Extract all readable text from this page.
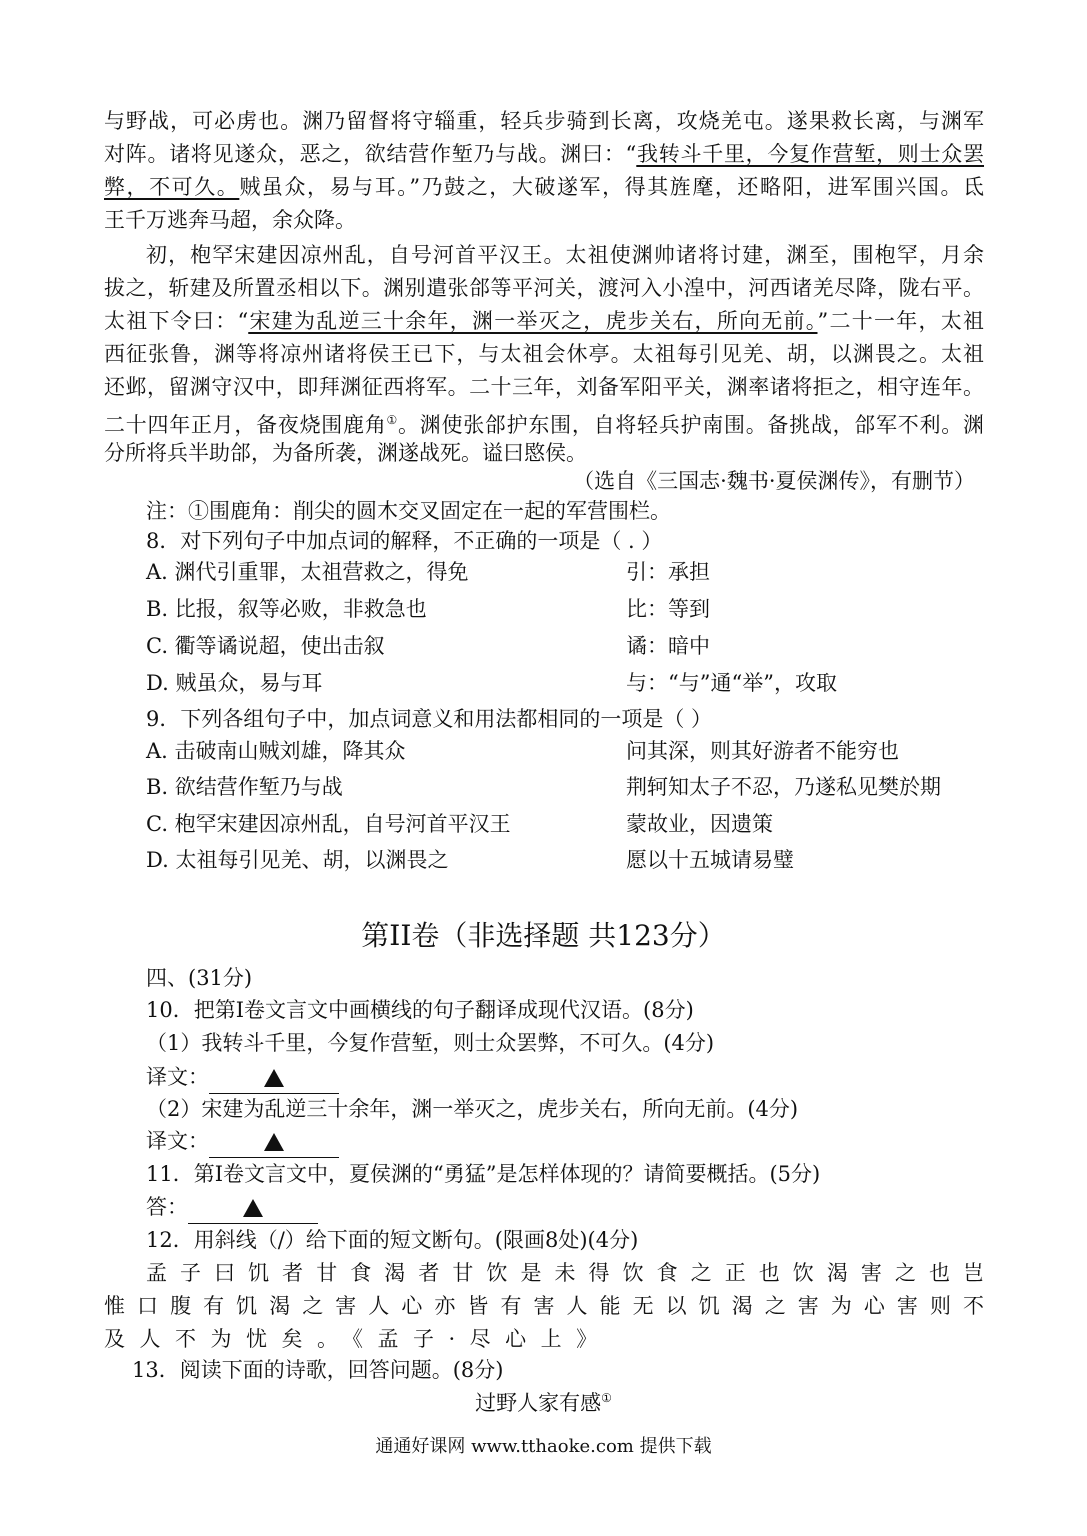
与野战，可必虏也。渊乃留督将守辎重，轻兵步骑到长离，攻烧羌屯。遂果救长离，与渊军
对阵。诸将见遂众，恶之，欲结营作堑乃与战。渊曰：“我转斗千里，今复作营堑，则士众罢
弊，不可久。贼虽众，易与耳。”乃鼓之，大破遂军，得其旌麾，还略阳，进军围兴国。氐
王千万逃奔马超，余众降。
初，枹罕宋建因凉州乱，自号河首平汉王。太祖使渊帅诸将讨建，渊至，围枹罕，月余
拔之，斩建及所置丞相以下。渊别遣张郃等平河关，渡河入小湟中，河西诸羌尽降，陇右平。
太祖下令曰：“宋建为乱逆三十余年，渊一举灭之，虎步关右，所向无前。”二十一年，太祖
西征张鲁，渊等将凉州诸将侯王已下，与太祖会休亭。太祖每引见羌、胡，以渊畏之。太祖
还邺，留渊守汉中，即拜渊征西将军。二十三年，刘备军阳平关，渊率诸将拒之，相守连年。
二十四年正月，备夜烧围鹿角①。渊使张郃护东围，自将轻兵护南围。备挑战，郃军不利。渊
分所将兵半助郃，为备所袭，渊遂战死。谥曰愍侯。
（选自《三国志·魏书·夏侯渊传》，有删节）
注：①围鹿角：削尖的圆木交叉固定在一起的军营围栏。
8．对下列句子中加点词的解释，不正确的一项是（ . ）
A. 渊代引重罪，太祖营救之，得免	引：承担
B. 比报，叙等必败，非救急也	比：等到
C. 衢等谲说超，使出击叙	谲：暗中
D. 贼虽众，易与耳	与：“与”通“举”，攻取
9．下列各组句子中，加点词意义和用法都相同的一项是（ ）
A. 击破南山贼刘雄，降其众	问其深，则其好游者不能穷也
B. 欲结营作堑乃与战	荆轲知太子不忍，乃遂私见樊於期
C. 枹罕宋建因凉州乱，自号河首平汉王	蒙故业，因遗策
D. 太祖每引见羌、胡，以渊畏之	愿以十五城请易璧
第II卷（非选择题 共123分）
四、(31分)
10．把第I卷文言文中画横线的句子翻译成现代汉语。(8分)
（1）我转斗千里，今复作营堑，则士众罢弊，不可久。(4分)
译文：
（2）宋建为乱逆三十余年，渊一举灭之，虎步关右，所向无前。(4分)
译文：
11．第I卷文言文中，夏侯渊的“勇猛”是怎样体现的？请简要概括。(5分)
答：
12．用斜线（/）给下面的短文断句。(限画8处)(4分)
孟子曰饥者甘食渴者甘饮是未得饮食之正也饮渴害之也岂
惟口腹有饥渴之害人心亦皆有害人能无以饥渴之害为心害则不
及人不为忧矣。《孟子·尽心上》
13．阅读下面的诗歌，回答问题。(8分)
过野人家有感①
通通好课网 www.tthaoke.com 提供下载
